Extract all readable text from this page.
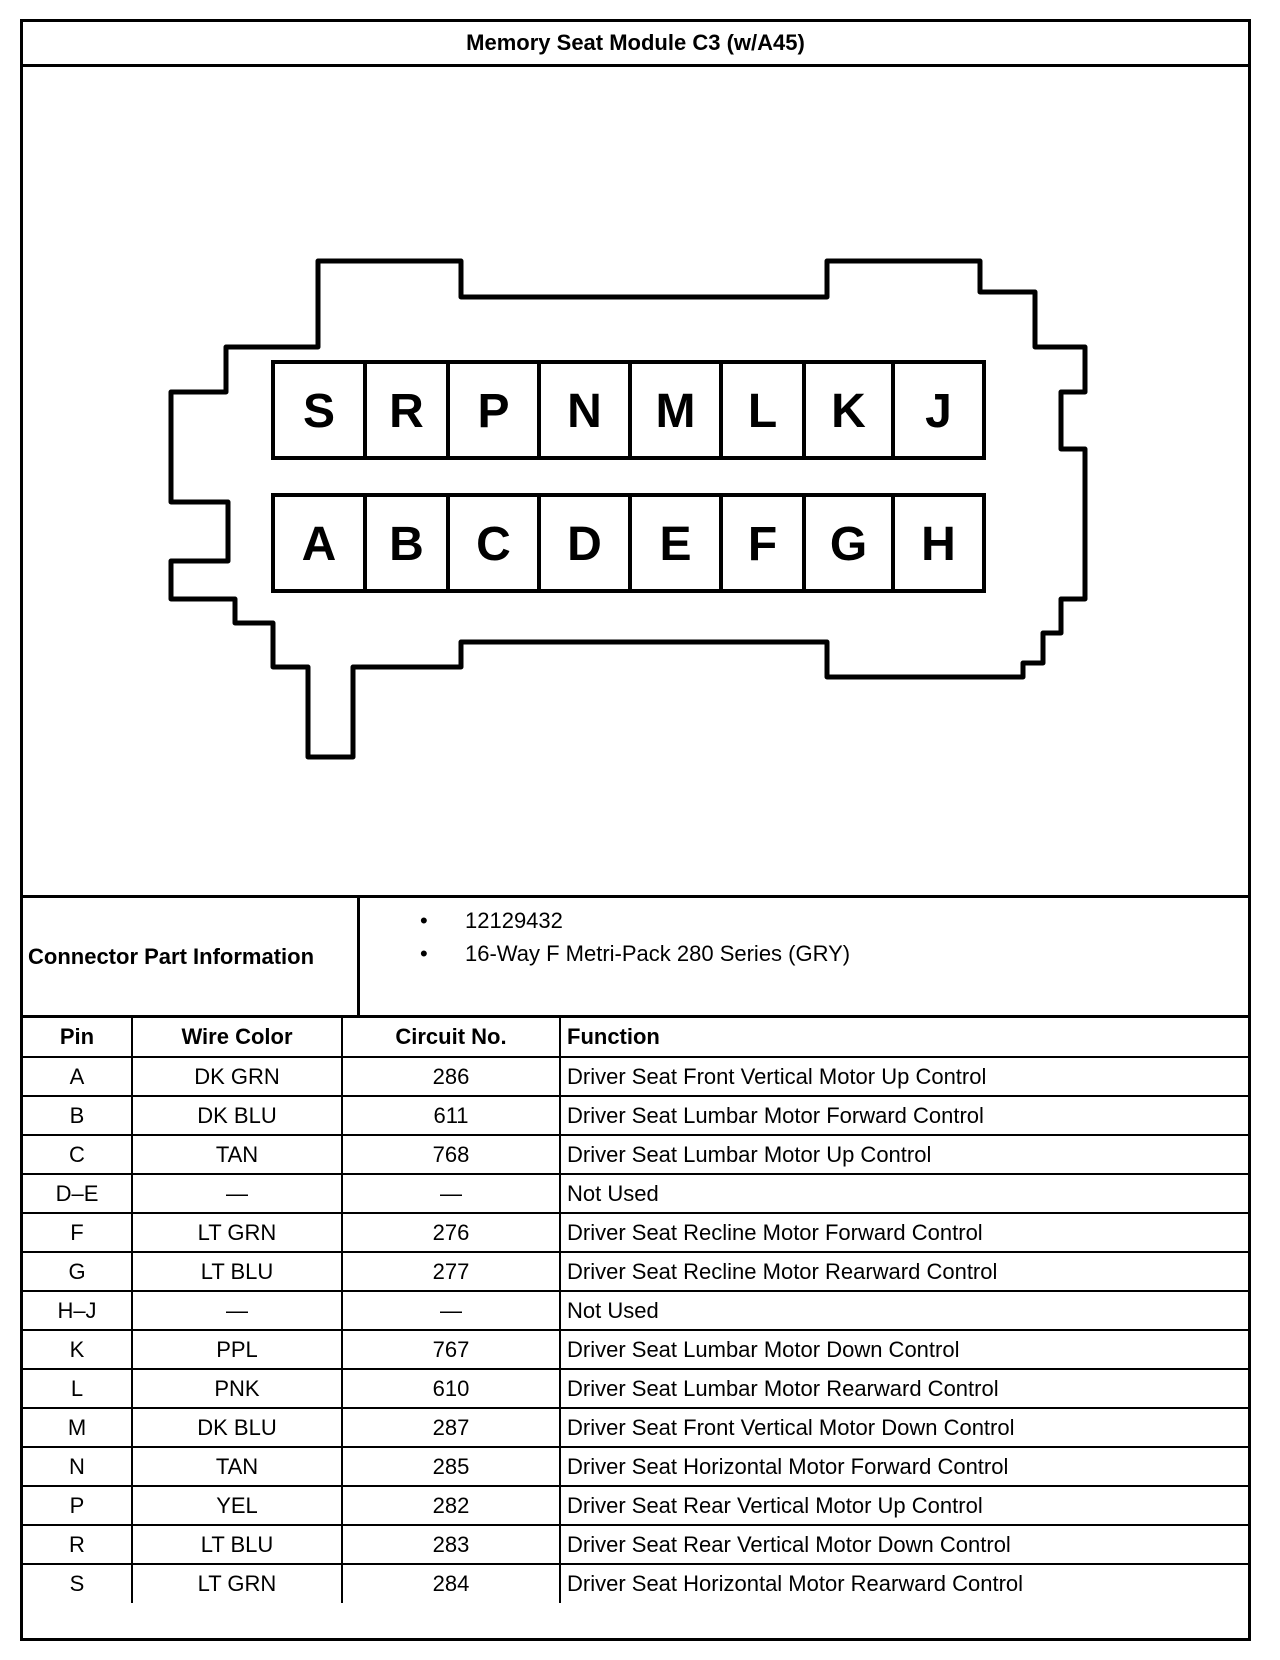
Memory Seat Module C3 (w/A45)
S R P N M L K J
A B C D E F G H
Connector Part Information
• 12129432
• 16-Way F Metri-Pack 280 Series (GRY)
Pin	Wire Color	Circuit No.	Function
A	DK GRN	286	Driver Seat Front Vertical Motor Up Control
B	DK BLU	611	Driver Seat Lumbar Motor Forward Control
C	TAN	768	Driver Seat Lumbar Motor Up Control
D–E	—	—	Not Used
F	LT GRN	276	Driver Seat Recline Motor Forward Control
G	LT BLU	277	Driver Seat Recline Motor Rearward Control
H–J	—	—	Not Used
K	PPL	767	Driver Seat Lumbar Motor Down Control
L	PNK	610	Driver Seat Lumbar Motor Rearward Control
M	DK BLU	287	Driver Seat Front Vertical Motor Down Control
N	TAN	285	Driver Seat Horizontal Motor Forward Control
P	YEL	282	Driver Seat Rear Vertical Motor Up Control
R	LT BLU	283	Driver Seat Rear Vertical Motor Down Control
S	LT GRN	284	Driver Seat Horizontal Motor Rearward Control
